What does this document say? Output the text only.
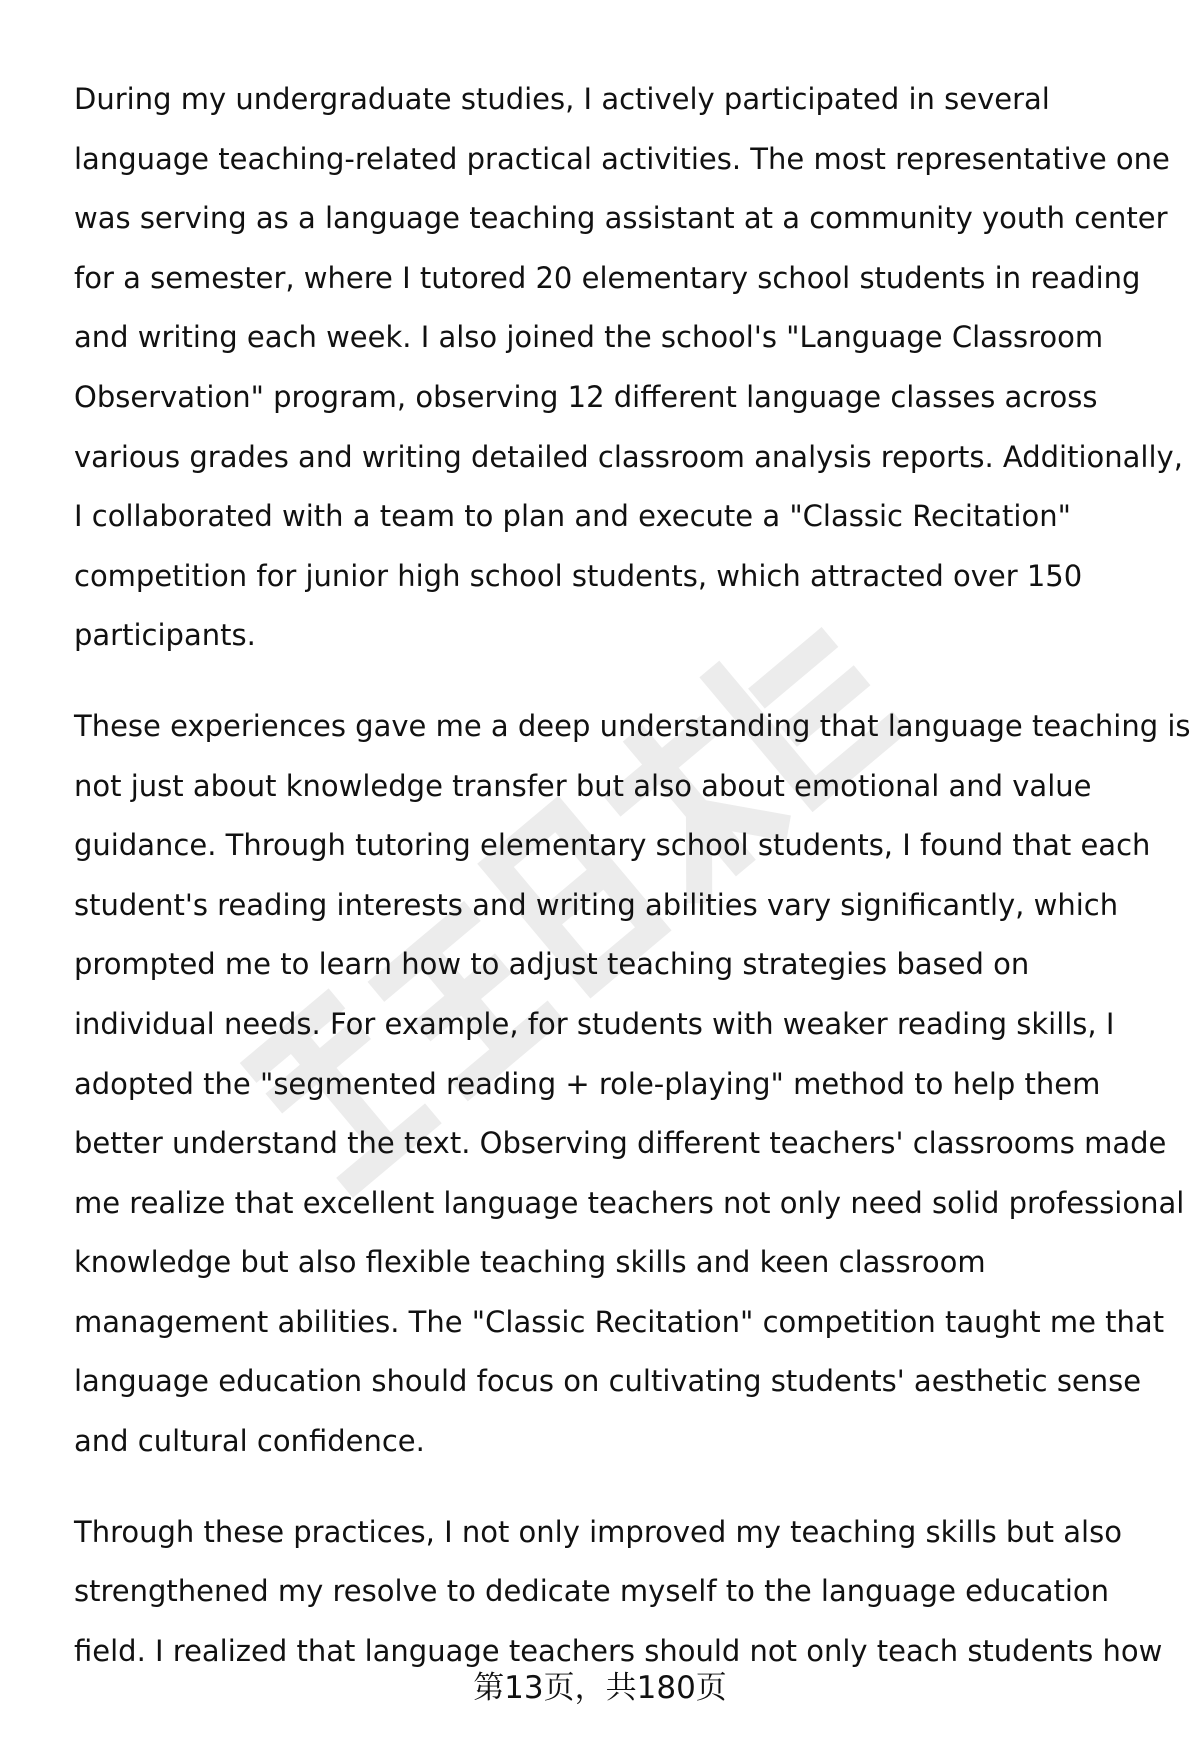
During my undergraduate studies, I actively participated in several
language teaching-related practical activities. The most representative one
was serving as a language teaching assistant at a community youth center
for a semester, where I tutored 20 elementary school students in reading
and writing each week. I also joined the school's "Language Classroom
Observation" program, observing 12 different language classes across
various grades and writing detailed classroom analysis reports. Additionally,
I collaborated with a team to plan and execute a "Classic Recitation"
competition for junior high school students, which attracted over 150
participants.

These experiences gave me a deep understanding that language teaching is
not just about knowledge transfer but also about emotional and value
guidance. Through tutoring elementary school students, I found that each
student's reading interests and writing abilities vary significantly, which
prompted me to learn how to adjust teaching strategies based on
individual needs. For example, for students with weaker reading skills, I
adopted the "segmented reading + role-playing" method to help them
better understand the text. Observing different teachers' classrooms made
me realize that excellent language teachers not only need solid professional
knowledge but also flexible teaching skills and keen classroom
management abilities. The "Classic Recitation" competition taught me that
language education should focus on cultivating students' aesthetic sense
and cultural confidence.

Through these practices, I not only improved my teaching skills but also
strengthened my resolve to dedicate myself to the language education
field. I realized that language teachers should not only teach students how

第13页，共180页
